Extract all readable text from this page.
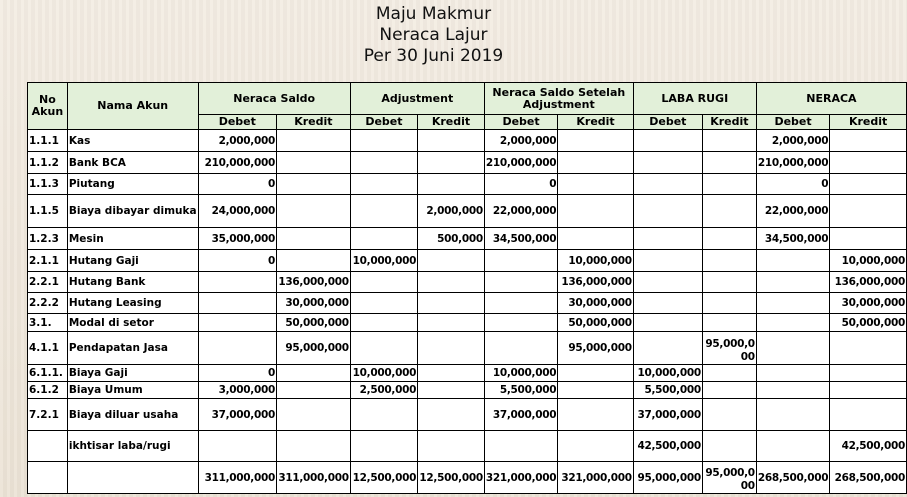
Maju Makmur
Neraca Lajur
Per 30 Juni 2019
No Akun	Nama Akun	Neraca Saldo		Adjustment		Neraca Saldo Setelah Adjustment		LABA RUGI		NERACA	
		Debet	Kredit	Debet	Kredit	Debet	Kredit	Debet	Kredit	Debet	Kredit
1.1.1	Kas	2,000,000				2,000,000				2,000,000	
1.1.2	Bank BCA	210,000,000				210,000,000				210,000,000	
1.1.3	Piutang	0				0				0	
1.1.5	Biaya dibayar dimuka	24,000,000			2,000,000	22,000,000				22,000,000	
1.2.3	Mesin	35,000,000			500,000	34,500,000				34,500,000	
2.1.1	Hutang Gaji	0		10,000,000			10,000,000				10,000,000
2.2.1	Hutang Bank		136,000,000				136,000,000				136,000,000
2.2.2	Hutang Leasing		30,000,000				30,000,000				30,000,000
3.1.	Modal di setor		50,000,000				50,000,000				50,000,000
4.1.1	Pendapatan Jasa		95,000,000				95,000,000		95,000,000		
6.1.1.	Biaya Gaji	0		10,000,000		10,000,000		10,000,000			
6.1.2	Biaya Umum	3,000,000		2,500,000		5,500,000		5,500,000			
7.2.1	Biaya diluar usaha	37,000,000				37,000,000		37,000,000			
	ikhtisar laba/rugi							42,500,000			42,500,000
		311,000,000	311,000,000	12,500,000	12,500,000	321,000,000	321,000,000	95,000,000	95,000,000	268,500,000	268,500,000
